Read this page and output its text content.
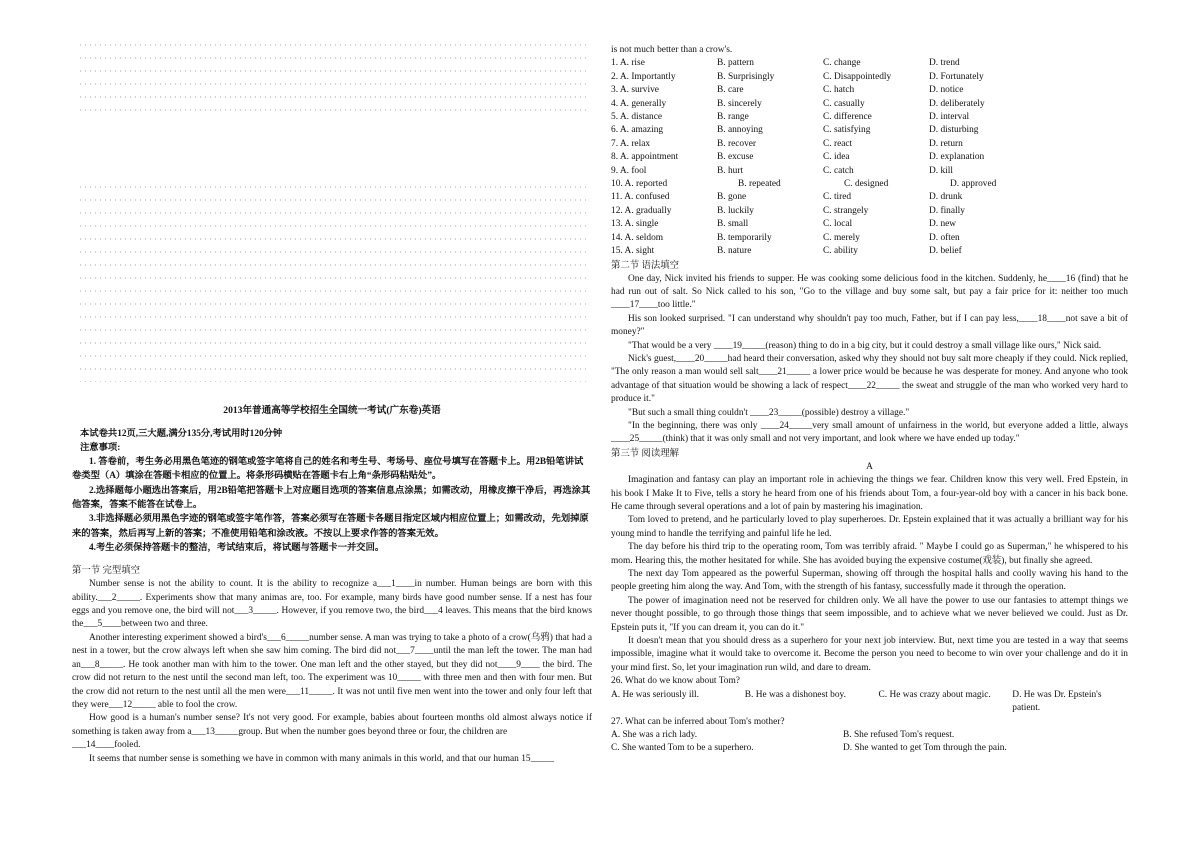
2013年普通高等学校招生全国统一考试(广东卷)英语

本试卷共12页,三大题,满分135分,考试用时120分钟

注意事项:

1. 答卷前，考生务必用黑色笔迹的钢笔或签字笔将自己的姓名和考生号、考场号、座位号填写在答题卡上。用2B铅笔讲试卷类型（A）填涂在答题卡相应的位置上。将条形码横贴在答题卡右上角“条形码粘贴处”。

2.选择题每小题选出答案后，用2B铅笔把答题卡上对应题目选项的答案信息点涂黑；如需改动，用橡皮擦干净后，再选涂其他答案，答案不能答在试卷上。

3.非选择题必须用黑色字迹的钢笔或签字笔作答，答案必须写在答题卡各题目指定区域内相应位置上；如需改动，先划掉原来的答案，然后再写上新的答案；不准使用铅笔和涂改液。不按以上要求作答的答案无效。

4.考生必须保持答题卡的整洁，考试结束后，将试题与答题卡一并交回。

第一节 完型填空

Number sense is not the ability to count. It is the ability to recognize a___1____in number. Human beings are born with this ability.___2_____. Experiments show that many animas are, too. For example, many birds have good number sense. If a nest has four eggs and you remove one, the bird will not___3_____. However, if you remove two, the bird___4 leaves. This means that the bird knows the___5____between two and three.

Another interesting experiment showed a bird's___6_____number sense. A man was trying to take a photo of a crow(乌鸦) that had a nest in a tower, but the crow always left when she saw him coming. The bird did not___7____until the man left the tower. The man had an___8_____. He took another man with him to the tower. One man left and the other stayed, but they did not____9____ the bird. The crow did not return to the nest until the second man left, too. The experiment was 10_____ with three men and then with four men. But the crow did not return to the nest until all the men were___11_____. It was not until five men went into the tower and only four left that they were___12_____ able to fool the crow.

How good is a human's number sense? It's not very good. For example, babies about fourteen months old almost always notice if something is taken away from a___13_____group. But when the number goes beyond three or four, the children are

___14____fooled.

It seems that number sense is something we have in common with many animals in this world, and that our human 15_____

is not much better than a crow's.

1. A. rise	B. pattern	C. change	D. trend
2. A. Importantly	B. Surprisingly	C. Disappointedly	D. Fortunately
3. A. survive	B. care	C. hatch	D. notice
4. A. generally	B. sincerely	C. casually	D. deliberately
5. A. distance	B. range	C. difference	D. interval
6. A. amazing	B. annoying	C. satisfying	D. disturbing
7. A. relax	B. recover	C. react	D. return
8. A. appointment	B. excuse	C. idea	D. explanation
9. A. fool	B. hurt	C. catch	D. kill
10. A. reported	B. repeated	C. designed	D. approved
11. A. confused	B. gone	C. tired	D. drunk
12. A. gradually	B. luckily	C. strangely	D. finally
13. A. single	B. small	C. local	D. new
14. A. seldom	B. temporarily	C. merely	D. often
15. A. sight	B. nature	C. ability	D. belief

第二节 语法填空

One day, Nick invited his friends to supper. He was cooking some delicious food in the kitchen. Suddenly, he____16 (find) that he had run out of salt. So Nick called to his son, "Go to the village and buy some salt, but pay a fair price for it: neither too much ____17____too little."

His son looked surprised. "I can understand why shouldn't pay too much, Father, but if I can pay less,____18____not save a bit of money?"

"That would be a very ____19_____(reason) thing to do in a big city, but it could destroy a small village like ours," Nick said.

Nick's guest,____20_____had heard their conversation, asked why they should not buy salt more cheaply if they could. Nick replied, "The only reason a man would sell salt____21_____ a lower price would be because he was desperate for money. And anyone who took advantage of that situation would be showing a lack of respect____22_____ the sweat and struggle of the man who worked very hard to produce it."

"But such a small thing couldn't ____23_____(possible) destroy a village."

"In the beginning, there was only ____24_____very small amount of unfairness in the world, but everyone added a little, always ____25_____(think) that it was only small and not very important, and look where we have ended up today."

第三节 阅读理解

A

Imagination and fantasy can play an important role in achieving the things we fear. Children know this very well. Fred Epstein, in his book I Make It to Five, tells a story he heard from one of his friends about Tom, a four-year-old boy with a cancer in his back bone. He came through several operations and a lot of pain by mastering his imagination.

Tom loved to pretend, and he particularly loved to play superheroes. Dr. Epstein explained that it was actually a brilliant way for his young mind to handle the terrifying and painful life he led.

The day before his third trip to the operating room, Tom was terribly afraid. " Maybe I could go as Superman," he whispered to his mom. Hearing this, the mother hesitated for while. She has avoided buying the expensive costume(戏装), but finally she agreed.

The next day Tom appeared as the powerful Superman, showing off through the hospital halls and coolly waving his hand to the people greeting him along the way. And Tom, with the strength of his fantasy, successfully made it through the operation.

The power of imagination need not be reserved for children only. We all have the power to use our fantasies to attempt things we never thought possible, to go through those things that seem impossible, and to achieve what we never believed we could. Just as Dr. Epstein puts it, "If you can dream it, you can do it."

It doesn't mean that you should dress as a superhero for your next job interview. But, next time you are tested in a way that seems impossible, imagine what it would take to overcome it. Become the person you need to become to win over your challenge and do it in your mind first. So, let your imagination run wild, and dare to dream.

26. What do we know about Tom?

A. He was seriously ill.	B. He was a dishonest boy.	C. He was crazy about magic.	D. He was Dr. Epstein's patient.

27. What can be inferred about Tom's mother?

A. She was a rich lady.	B. She refused Tom's request.
C. She wanted Tom to be a superhero.	D. She wanted to get Tom through the pain.
